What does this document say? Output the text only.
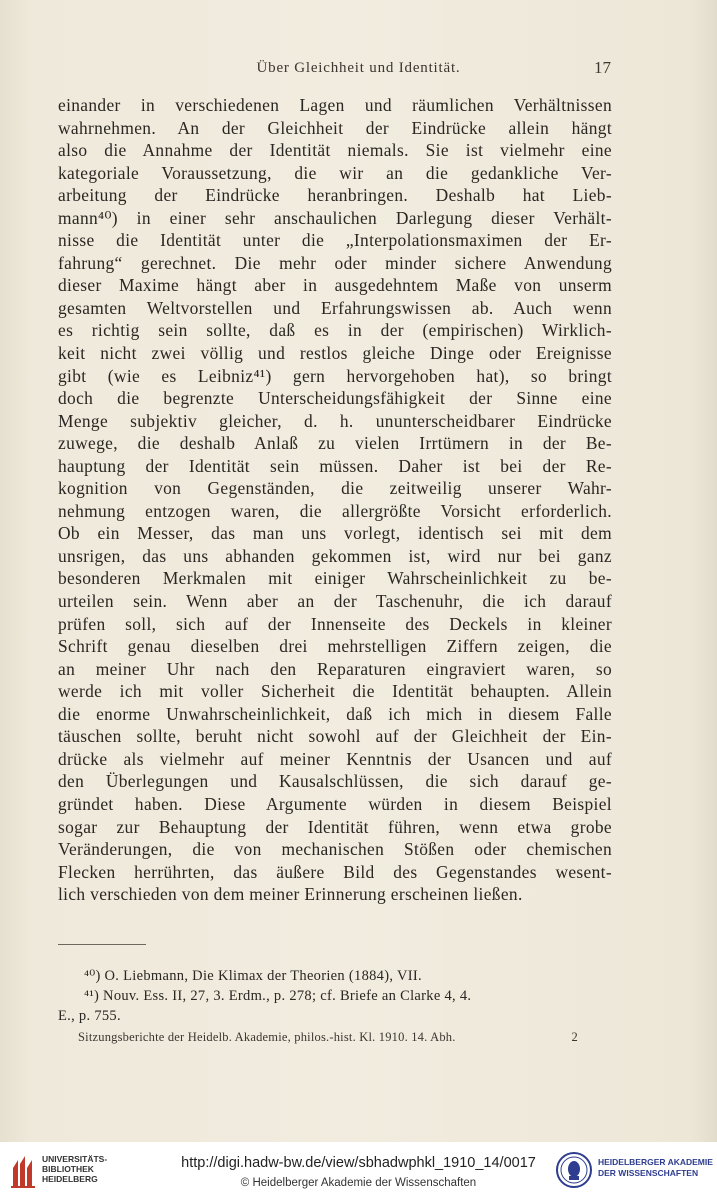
Über Gleichheit und Identität.	17
einander in verschiedenen Lagen und räumlichen Verhältnissen
wahrnehmen. An der Gleichheit der Eindrücke allein hängt
also die Annahme der Identität niemals. Sie ist vielmehr eine
kategoriale Voraussetzung, die wir an die gedankliche Ver-
arbeitung der Eindrücke heranbringen. Deshalb hat Lieb-
mann⁴⁰) in einer sehr anschaulichen Darlegung dieser Verhält-
nisse die Identität unter die „Interpolationsmaximen der Er-
fahrung“ gerechnet. Die mehr oder minder sichere Anwendung
dieser Maxime hängt aber in ausgedehntem Maße von unserm
gesamten Weltvorstellen und Erfahrungswissen ab. Auch wenn
es richtig sein sollte, daß es in der (empirischen) Wirklich-
keit nicht zwei völlig und restlos gleiche Dinge oder Ereignisse
gibt (wie es Leibniz⁴¹) gern hervorgehoben hat), so bringt
doch die begrenzte Unterscheidungsfähigkeit der Sinne eine
Menge subjektiv gleicher, d. h. ununterscheidbarer Eindrücke
zuwege, die deshalb Anlaß zu vielen Irrtümern in der Be-
hauptung der Identität sein müssen. Daher ist bei der Re-
kognition von Gegenständen, die zeitweilig unserer Wahr-
nehmung entzogen waren, die allergrößte Vorsicht erforderlich.
Ob ein Messer, das man uns vorlegt, identisch sei mit dem
unsrigen, das uns abhanden gekommen ist, wird nur bei ganz
besonderen Merkmalen mit einiger Wahrscheinlichkeit zu be-
urteilen sein. Wenn aber an der Taschenuhr, die ich darauf
prüfen soll, sich auf der Innenseite des Deckels in kleiner
Schrift genau dieselben drei mehrstelligen Ziffern zeigen, die
an meiner Uhr nach den Reparaturen eingraviert waren, so
werde ich mit voller Sicherheit die Identität behaupten. Allein
die enorme Unwahrscheinlichkeit, daß ich mich in diesem Falle
täuschen sollte, beruht nicht sowohl auf der Gleichheit der Ein-
drücke als vielmehr auf meiner Kenntnis der Usancen und auf
den Überlegungen und Kausalschlüssen, die sich darauf ge-
gründet haben. Diese Argumente würden in diesem Beispiel
sogar zur Behauptung der Identität führen, wenn etwa grobe
Veränderungen, die von mechanischen Stößen oder chemischen
Flecken herrührten, das äußere Bild des Gegenstandes wesent-
lich verschieden von dem meiner Erinnerung erscheinen ließen.
⁴⁰) O. Liebmann, Die Klimax der Theorien (1884), VII.
⁴¹) Nouv. Ess. II, 27, 3. Erdm., p. 278; cf. Briefe an Clarke 4, 4.
E., p. 755.
Sitzungsberichte der Heidelb. Akademie, philos.-hist. Kl. 1910. 14. Abh.	2
UNIVERSITÄTS-
BIBLIOTHEK
HEIDELBERG
http://digi.hadw-bw.de/view/sbhadwphkl_1910_14/0017
© Heidelberger Akademie der Wissenschaften
HEIDELBERGER AKADEMIE
DER WISSENSCHAFTEN
